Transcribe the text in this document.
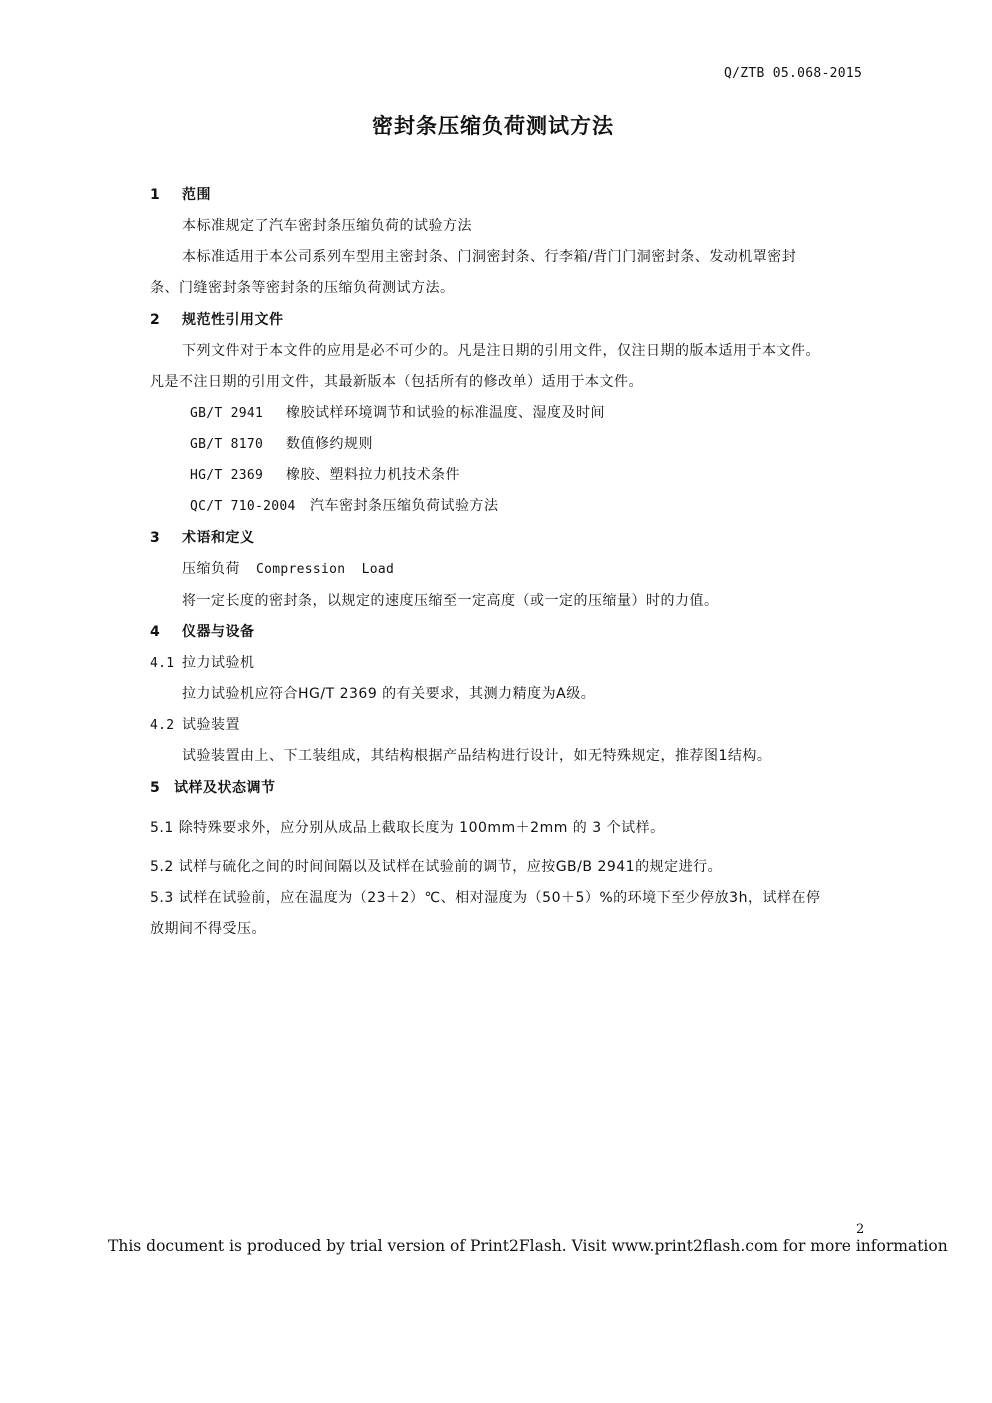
Q/ZTB 05.068-2015
密封条压缩负荷测试方法
1 范围
本标准规定了汽车密封条压缩负荷的试验方法
本标准适用于本公司系列车型用主密封条、门洞密封条、行李箱/背门门洞密封条、发动机罩密封
条、门缝密封条等密封条的压缩负荷测试方法。
2 规范性引用文件
下列文件对于本文件的应用是必不可少的。凡是注日期的引用文件，仅注日期的版本适用于本文件。
凡是不注日期的引用文件，其最新版本（包括所有的修改单）适用于本文件。
GB/T 2941 橡胶试样环境调节和试验的标准温度、湿度及时间
GB/T 8170 数值修约规则
HG/T 2369 橡胶、塑料拉力机技术条件
QC/T 710-2004 汽车密封条压缩负荷试验方法
3 术语和定义
压缩负荷 Compression  Load
将一定长度的密封条，以规定的速度压缩至一定高度（或一定的压缩量）时的力值。
4 仪器与设备
4.1 拉力试验机
拉力试验机应符合HG/T 2369 的有关要求，其测力精度为A级。
4.2 试验装置
试验装置由上、下工装组成，其结构根据产品结构进行设计，如无特殊规定，推荐图1结构。
5 试样及状态调节
5.1 除特殊要求外，应分别从成品上截取长度为 100mm＋2mm 的 3 个试样。
5.2 试样与硫化之间的时间间隔以及试样在试验前的调节，应按GB/B 2941的规定进行。
5.3 试样在试验前，应在温度为（23＋2）℃、相对湿度为（50＋5）%的环境下至少停放3h，试样在停
放期间不得受压。
2
This document is produced by trial version of Print2Flash. Visit www.print2flash.com for more information
